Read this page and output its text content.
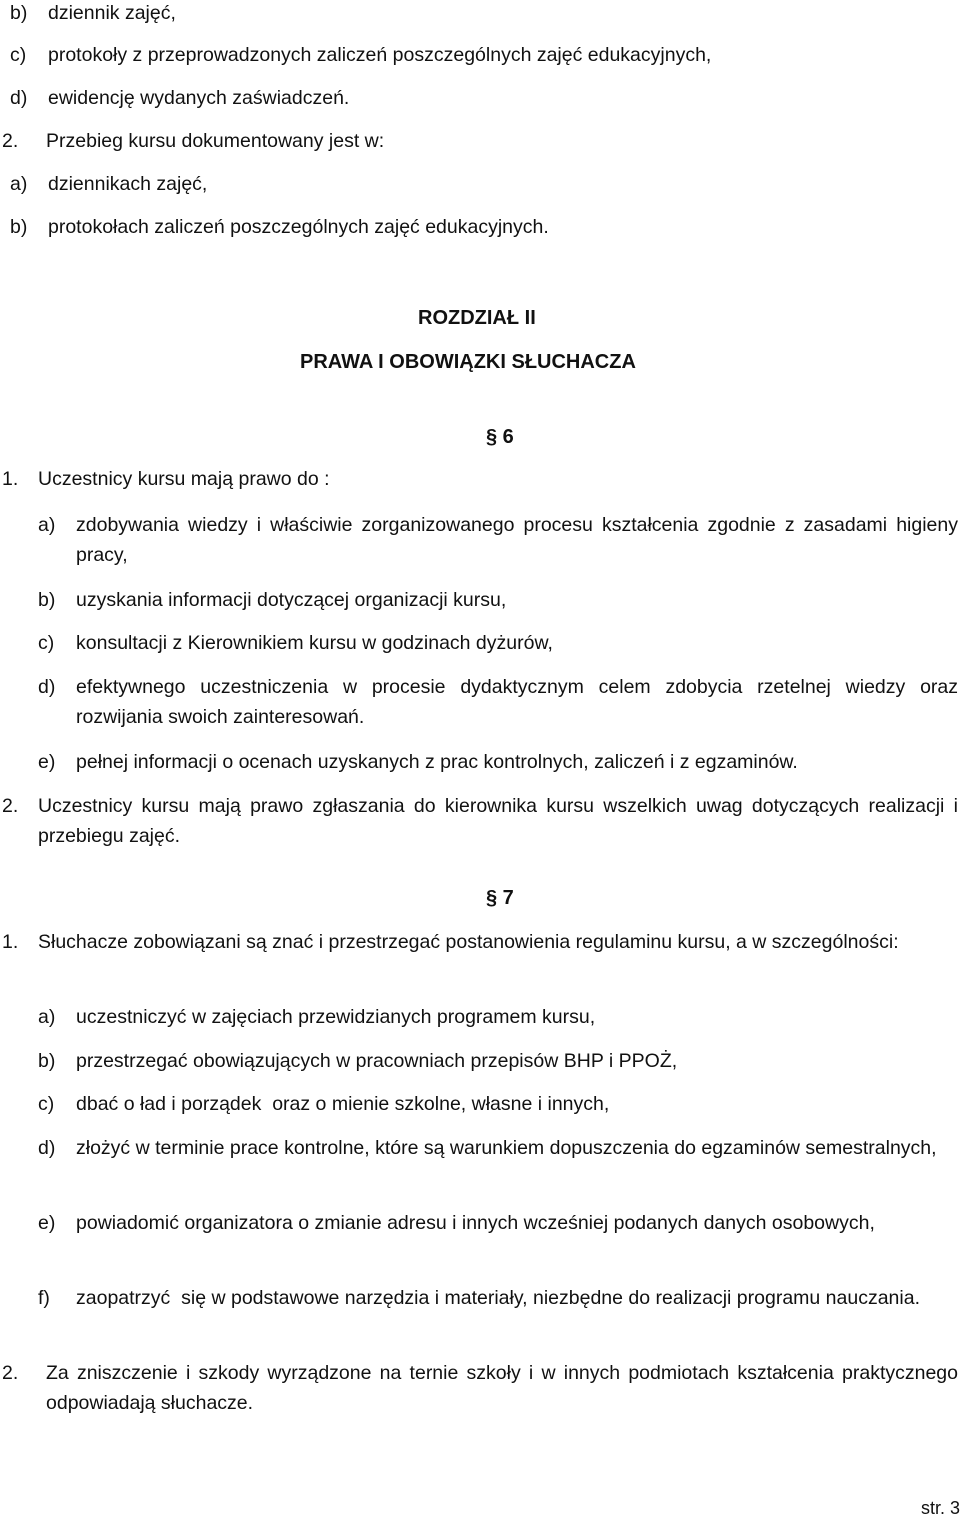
b) dziennik zajęć,
c) protokoły z przeprowadzonych zaliczeń poszczególnych zajęć edukacyjnych,
d) ewidencję wydanych zaświadczeń.
2. Przebieg kursu dokumentowany jest w:
a) dziennikach zajęć,
b) protokołach zaliczeń poszczególnych zajęć edukacyjnych.
ROZDZIAŁ II
PRAWA I OBOWIĄZKI SŁUCHACZA
§ 6
1. Uczestnicy kursu mają prawo do :
a) zdobywania wiedzy i właściwie zorganizowanego procesu kształcenia zgodnie z zasadami higieny pracy,
b) uzyskania informacji dotyczącej organizacji kursu,
c) konsultacji z Kierownikiem kursu w godzinach dyżurów,
d) efektywnego uczestniczenia w procesie dydaktycznym celem zdobycia rzetelnej wiedzy oraz rozwijania swoich zainteresowań.
e) pełnej informacji o ocenach uzyskanych z prac kontrolnych, zaliczeń i z egzaminów.
2. Uczestnicy kursu mają prawo zgłaszania do kierownika kursu wszelkich uwag dotyczących realizacji i przebiegu zajęć.
§ 7
1. Słuchacze zobowiązani są znać i przestrzegać postanowienia regulaminu kursu, a w szczególności:
a) uczestniczyć w zajęciach przewidzianych programem kursu,
b) przestrzegać obowiązujących w pracowniach przepisów BHP i PPOŻ,
c) dbać o ład i porządek  oraz o mienie szkolne, własne i innych,
d) złożyć w terminie prace kontrolne, które są warunkiem dopuszczenia do egzaminów semestralnych,
e) powiadomić organizatora o zmianie adresu i innych wcześniej podanych danych osobowych,
f) zaopatrzyć  się w podstawowe narzędzia i materiały, niezbędne do realizacji programu nauczania.
2. Za zniszczenie i szkody wyrządzone na ternie szkoły i w innych podmiotach kształcenia praktycznego odpowiadają słuchacze.
str. 3
